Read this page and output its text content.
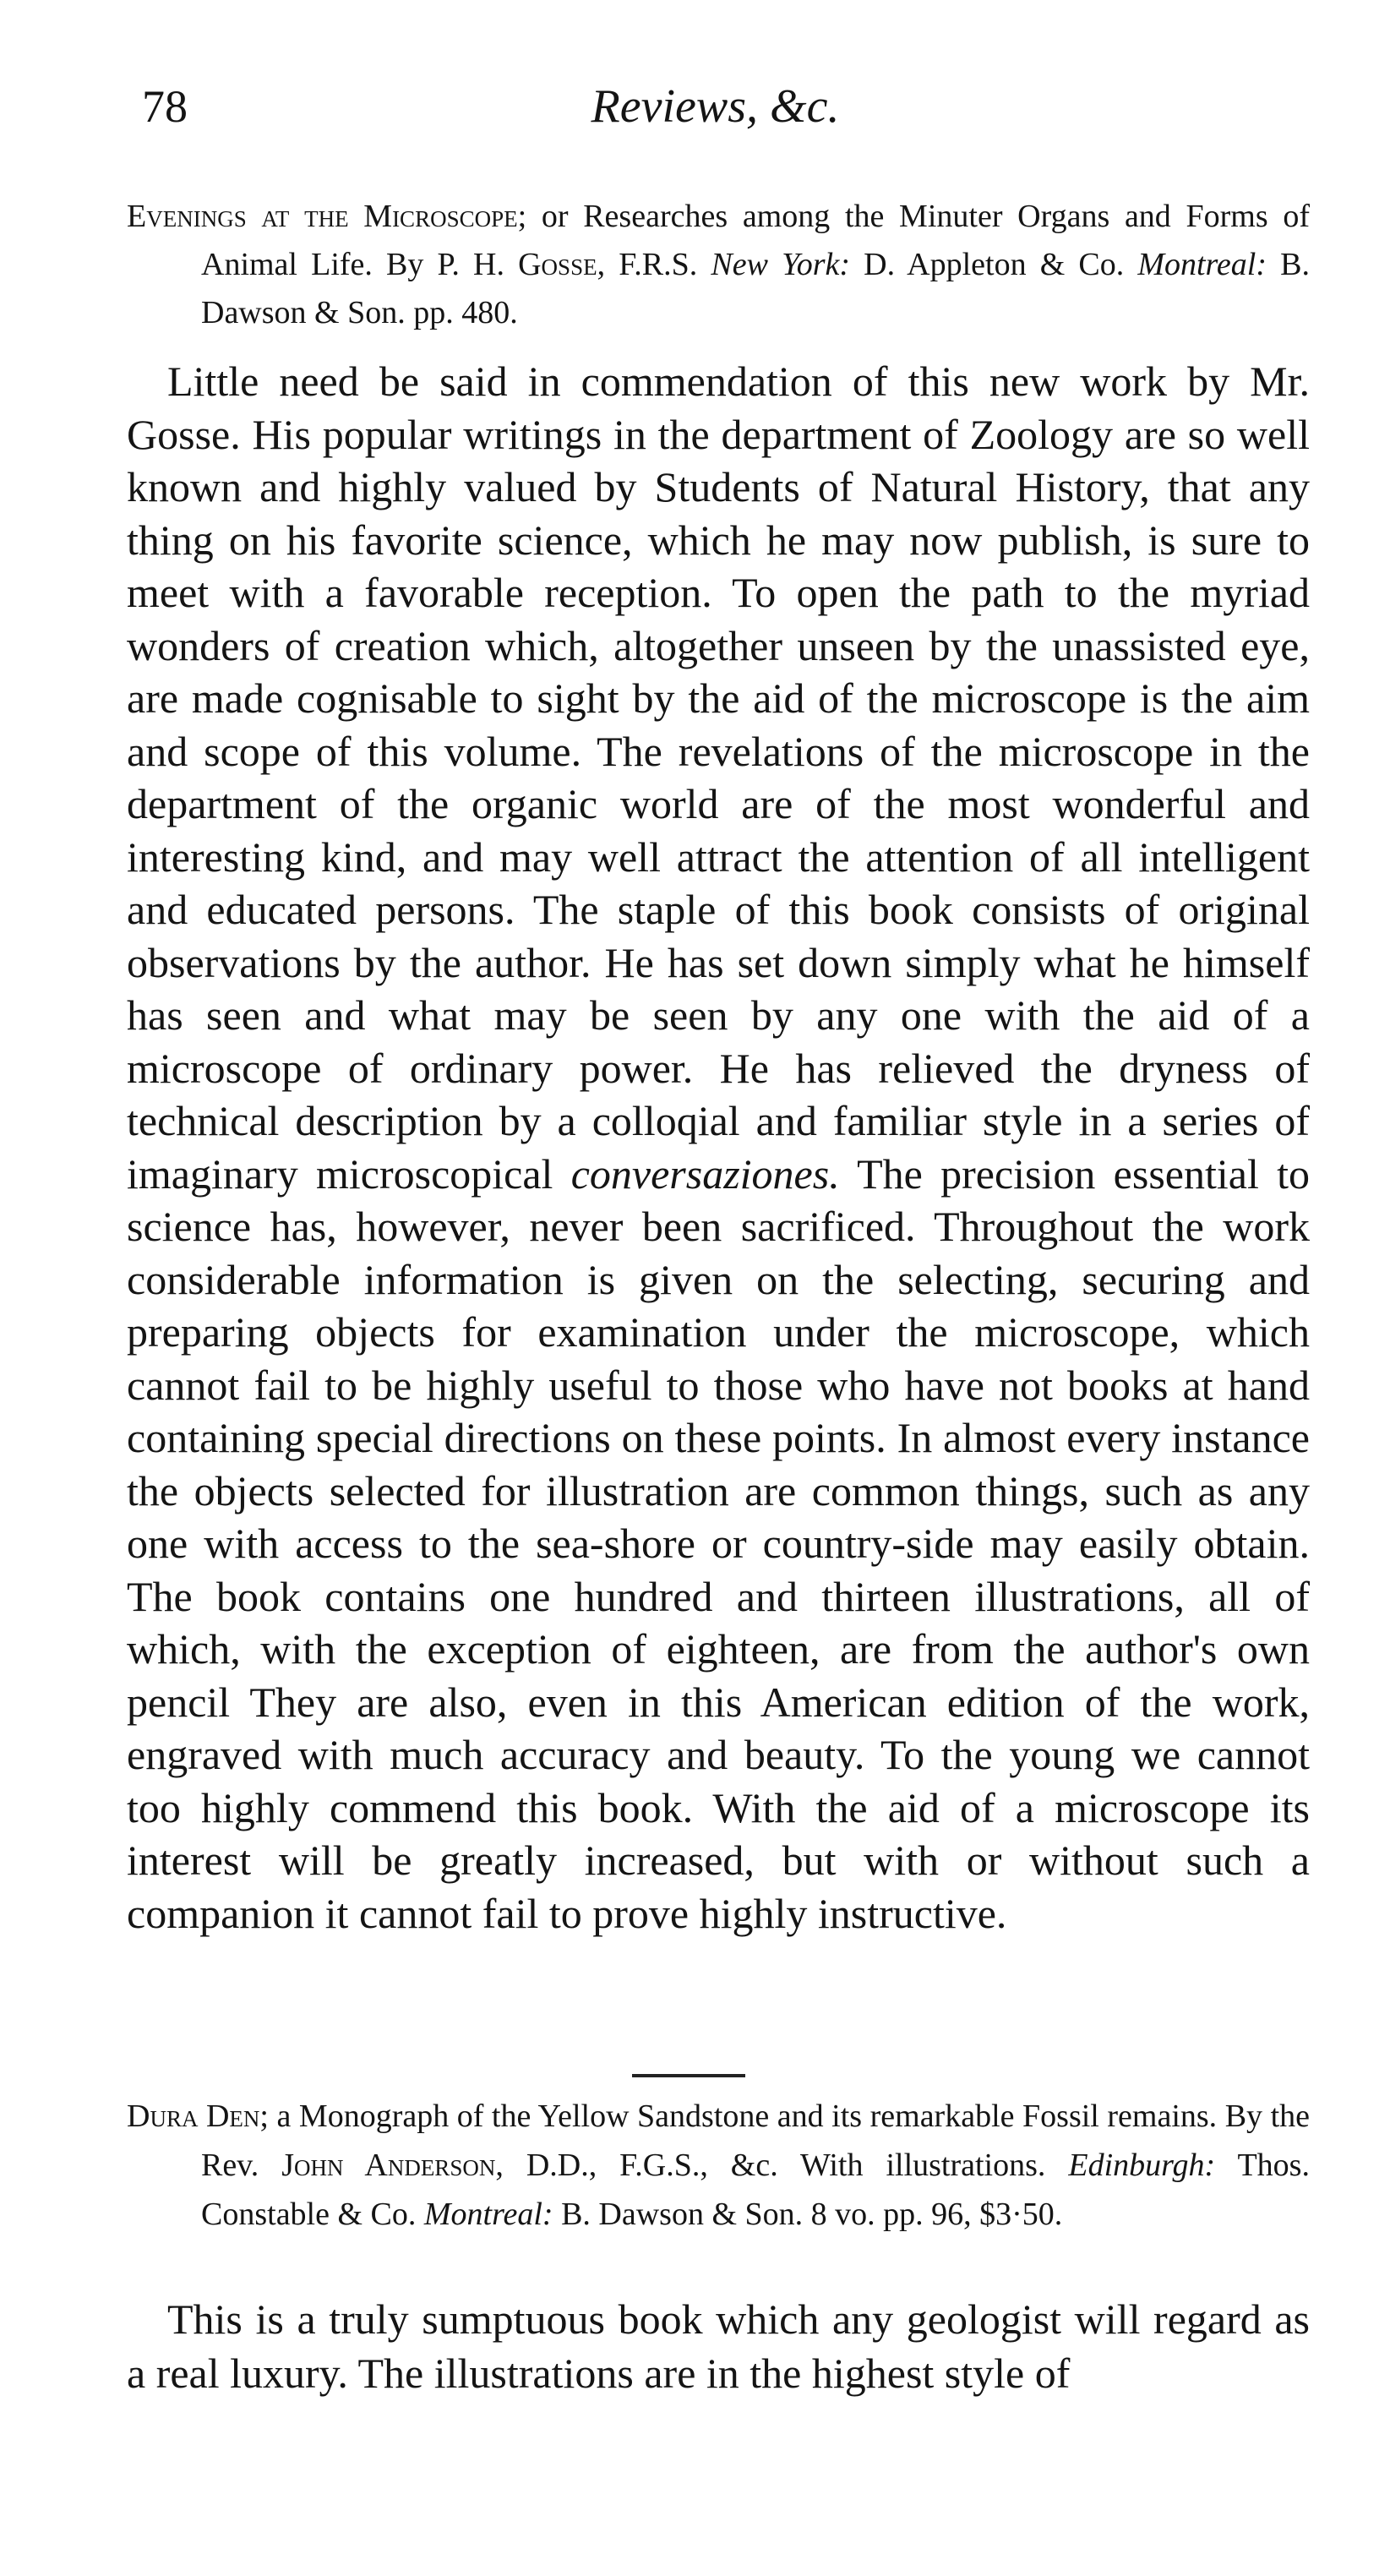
78	Reviews, &c.

Evenings at the Microscope; or Researches among the Minuter Organs and Forms of Animal Life. By P. H. Gosse, F.R.S. New York: D. Appleton & Co. Montreal: B. Dawson & Son. pp. 480.

Little need be said in commendation of this new work by Mr. Gosse. His popular writings in the department of Zoology are so well known and highly valued by Students of Natural History, that any thing on his favorite science, which he may now publish, is sure to meet with a favorable reception. To open the path to the myriad wonders of creation which, altogether unseen by the unassisted eye, are made cognisable to sight by the aid of the microscope is the aim and scope of this volume. The revelations of the microscope in the department of the organic world are of the most wonderful and interesting kind, and may well attract the attention of all intelligent and educated persons. The staple of this book consists of original observations by the author. He has set down simply what he himself has seen and what may be seen by any one with the aid of a microscope of ordinary power. He has relieved the dryness of technical description by a colloqial and familiar style in a series of imaginary microscopical conversaziones. The precision essential to science has, however, never been sacrificed. Throughout the work considerable information is given on the selecting, securing and preparing objects for examination under the microscope, which cannot fail to be highly useful to those who have not books at hand containing special directions on these points. In almost every instance the objects selected for illustration are common things, such as any one with access to the sea-shore or country-side may easily obtain. The book contains one hundred and thirteen illustrations, all of which, with the exception of eighteen, are from the author's own pencil They are also, even in this American edition of the work, engraved with much accuracy and beauty. To the young we cannot too highly commend this book. With the aid of a microscope its interest will be greatly increased, but with or without such a companion it cannot fail to prove highly instructive.

Dura Den; a Monograph of the Yellow Sandstone and its remarkable Fossil remains. By the Rev. John Anderson, D.D., F.G.S., &c. With illustrations. Edinburgh: Thos. Constable & Co. Montreal: B. Dawson & Son. 8 vo. pp. 96, $3·50.

This is a truly sumptuous book which any geologist will regard as a real luxury. The illustrations are in the highest style of
